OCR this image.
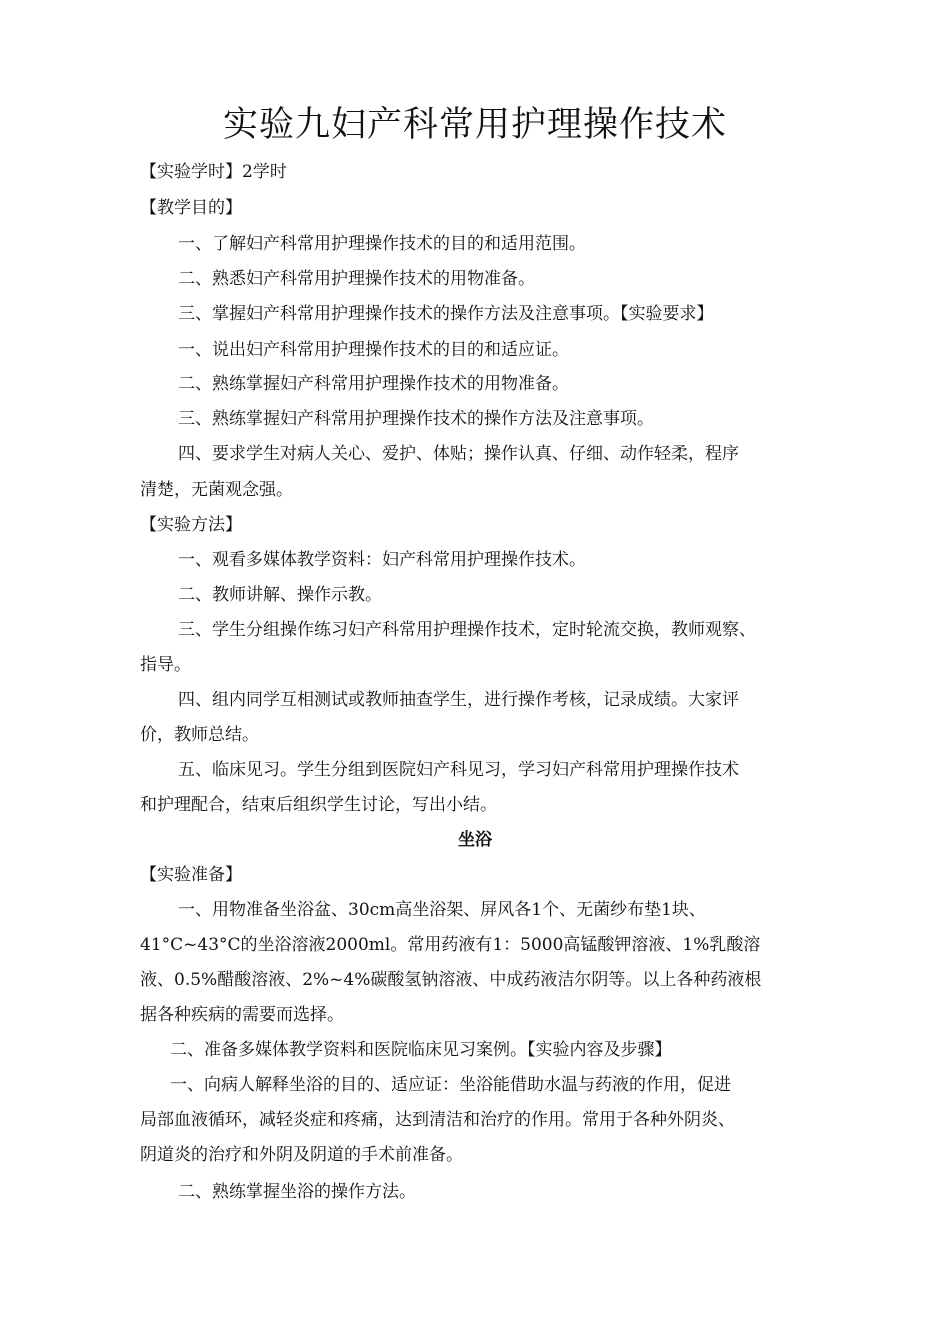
实验九妇产科常用护理操作技术
【实验学时】2学时
【教学目的】
一、了解妇产科常用护理操作技术的目的和适用范围。
二、熟悉妇产科常用护理操作技术的用物准备。
三、掌握妇产科常用护理操作技术的操作方法及注意事项。【实验要求】
一、说出妇产科常用护理操作技术的目的和适应证。
二、熟练掌握妇产科常用护理操作技术的用物准备。
三、熟练掌握妇产科常用护理操作技术的操作方法及注意事项。
四、要求学生对病人关心、爱护、体贴；操作认真、仔细、动作轻柔，程序
清楚，无菌观念强。
【实验方法】
一、观看多媒体教学资料：妇产科常用护理操作技术。
二、教师讲解、操作示教。
三、学生分组操作练习妇产科常用护理操作技术，定时轮流交换，教师观察、
指导。
四、组内同学互相测试或教师抽查学生，进行操作考核，记录成绩。大家评
价，教师总结。
五、临床见习。学生分组到医院妇产科见习，学习妇产科常用护理操作技术
和护理配合，结束后组织学生讨论，写出小结。
坐浴
【实验准备】
一、用物准备坐浴盆、30cm高坐浴架、屏风各1个、无菌纱布垫1块、
41°C~43°C的坐浴溶液2000ml。常用药液有1：5000高锰酸钾溶液、1%乳酸溶
液、0.5%醋酸溶液、2%~4%碳酸氢钠溶液、中成药液洁尔阴等。以上各种药液根
据各种疾病的需要而选择。
二、准备多媒体教学资料和医院临床见习案例。【实验内容及步骤】
一、向病人解释坐浴的目的、适应证：坐浴能借助水温与药液的作用，促进
局部血液循环，减轻炎症和疼痛，达到清洁和治疗的作用。常用于各种外阴炎、
阴道炎的治疗和外阴及阴道的手术前准备。
二、熟练掌握坐浴的操作方法。
